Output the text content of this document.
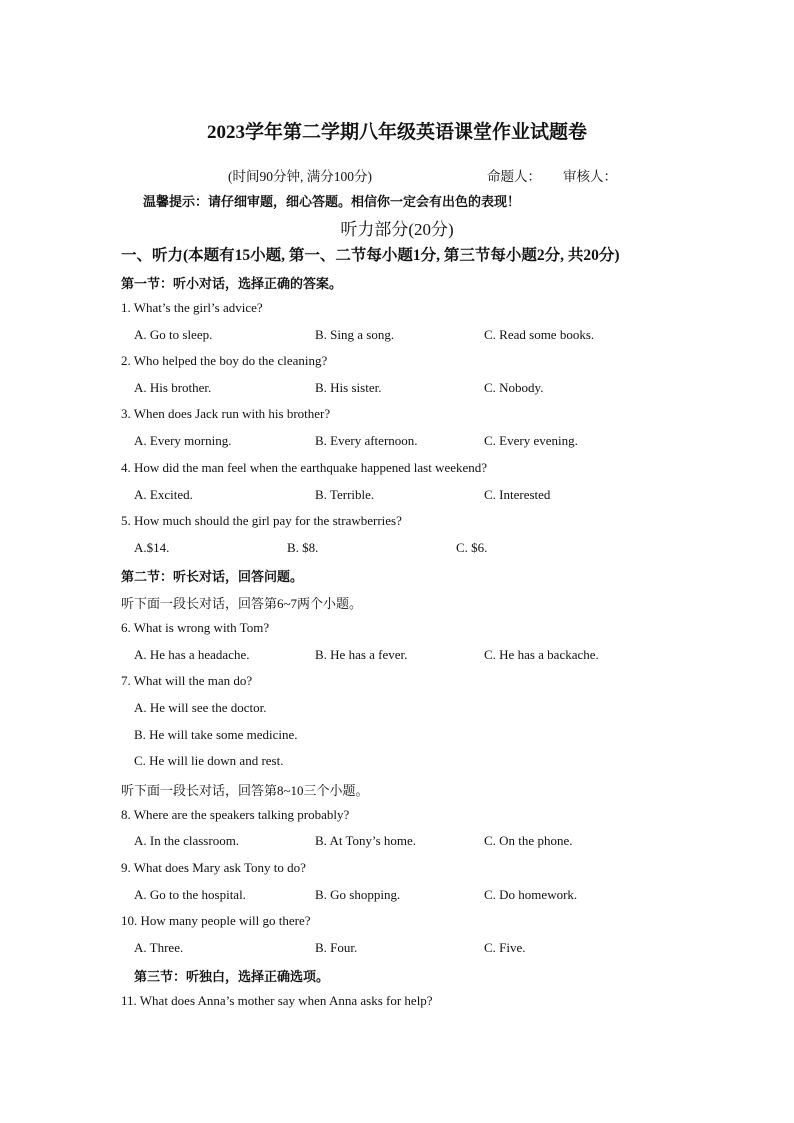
2023学年第二学期八年级英语课堂作业试题卷
(时间90分钟, 满分100分)	命题人： 审核人：
温馨提示：请仔细审题，细心答题。相信你一定会有出色的表现！
听力部分(20分)
一、听力(本题有15小题, 第一、二节每小题1分, 第三节每小题2分, 共20分)
第一节：听小对话，选择正确的答案。
1. What’s the girl’s advice?
A. Go to sleep.	B. Sing a song.	C. Read some books.
2. Who helped the boy do the cleaning?
A. His brother.	B. His sister.	C. Nobody.
3. When does Jack run with his brother?
A. Every morning.	B. Every afternoon.	C. Every evening.
4. How did the man feel when the earthquake happened last weekend?
A. Excited.	B. Terrible.	C. Interested
5. How much should the girl pay for the strawberries?
A.$14.	B. $8.	C. $6.
第二节：听长对话，回答问题。
听下面一段长对话，回答第6~7两个小题。
6. What is wrong with Tom?
A. He has a headache.	B. He has a fever.	C. He has a backache.
7. What will the man do?
A. He will see the doctor.
B. He will take some medicine.
C. He will lie down and rest.
听下面一段长对话，回答第8~10三个小题。
8. Where are the speakers talking probably?
A. In the classroom.	B. At Tony’s home.	C. On the phone.
9. What does Mary ask Tony to do?
A. Go to the hospital.	B. Go shopping.	C. Do homework.
10. How many people will go there?
A. Three.	B. Four.	C. Five.
第三节：听独白，选择正确选项。
11. What does Anna’s mother say when Anna asks for help?
